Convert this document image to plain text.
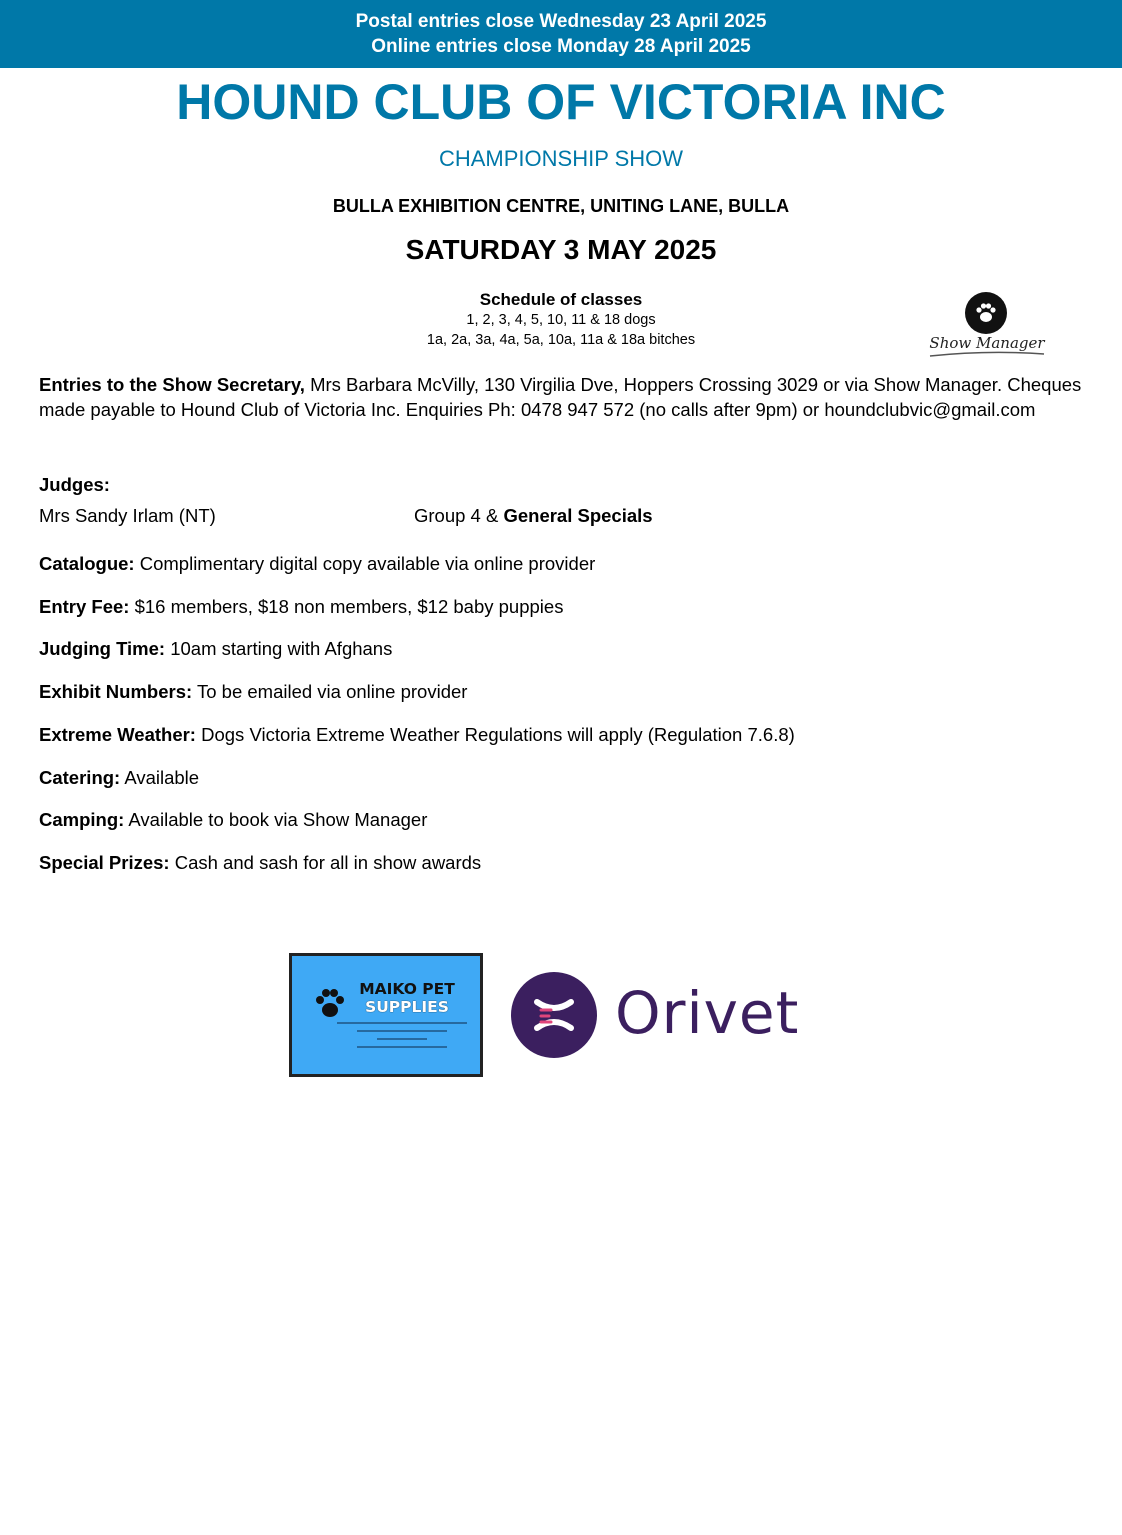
Postal entries close Wednesday 23 April 2025
Online entries close Monday 28 April 2025
HOUND CLUB OF VICTORIA INC
CHAMPIONSHIP SHOW
BULLA EXHIBITION CENTRE, UNITING LANE, BULLA
SATURDAY 3 MAY 2025
Schedule of classes
1, 2, 3, 4, 5, 10, 11 & 18 dogs
1a, 2a, 3a, 4a, 5a, 10a, 11a & 18a bitches	Show Manager
Entries to the Show Secretary, Mrs Barbara McVilly, 130 Virgilia Dve, Hoppers Crossing 3029 or via Show Manager. Cheques made payable to Hound Club of Victoria Inc. Enquiries Ph: 0478 947 572 (no calls after 9pm) or houndclubvic@gmail.com
Judges:
Mrs Sandy Irlam (NT)	Group 4 & General Specials
Catalogue: Complimentary digital copy available via online provider
Entry Fee: $16 members, $18 non members, $12 baby puppies
Judging Time: 10am starting with Afghans
Exhibit Numbers: To be emailed via online provider
Extreme Weather: Dogs Victoria Extreme Weather Regulations will apply (Regulation 7.6.8)
Catering: Available
Camping: Available to book via Show Manager
Special Prizes: Cash and sash for all in show awards
MAIKO PET
SUPPLIES	Orivet
